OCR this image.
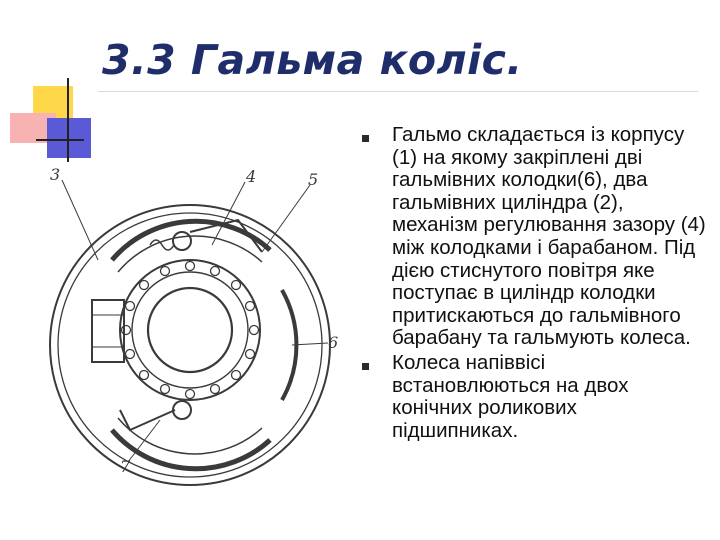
3.3 Гальма коліс.
3	4	5
6
7
Гальмо складається із корпусу (1) на якому закріплені дві гальмівних колодки(6), два гальмівних циліндра (2), механізм регулювання зазору (4) між колодками і барабаном. Під дією стиснутого повітря яке поступає в циліндр колодки притискаються до гальмівного барабану та гальмують колеса.
Колеса напіввісі встановлюються на двох конічних роликових підшипниках.
